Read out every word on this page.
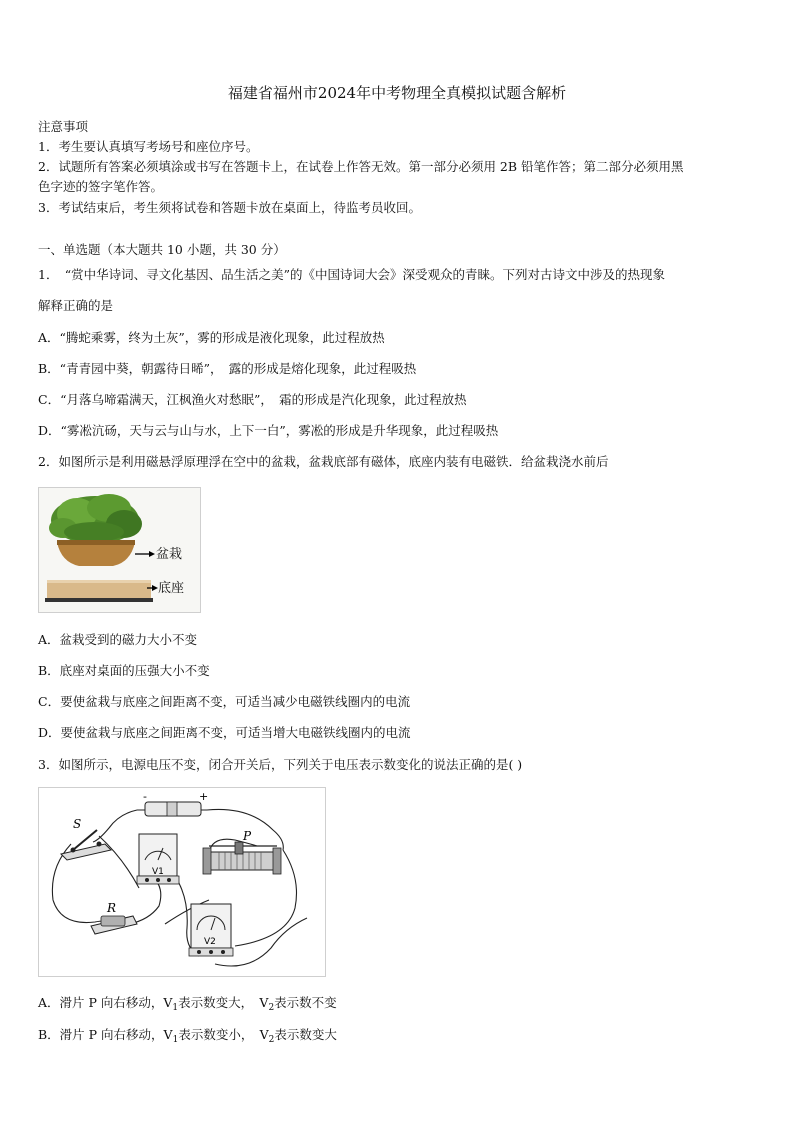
福建省福州市2024年中考物理全真模拟试题含解析
注意事项
1．考生要认真填写考场号和座位序号。
2．试题所有答案必须填涂或书写在答题卡上，在试卷上作答无效。第一部分必须用 2B 铅笔作答；第二部分必须用黑
色字迹的签字笔作答。
3．考试结束后，考生须将试卷和答题卡放在桌面上，待监考员收回。
一、单选题（本大题共 10 小题，共 30 分）
1．　“赏中华诗词、寻文化基因、品生活之美”的《中国诗词大会》深受观众的青睐。下列对古诗文中涉及的热现象
解释正确的是
A．“腾蛇乘雾，终为土灰”，雾的形成是液化现象，此过程放热
B．“青青园中葵，朝露待日晞”，　露的形成是熔化现象，此过程吸热
C．“月落乌啼霜满天，江枫渔火对愁眠”，　霜的形成是汽化现象，此过程放热
D．“雾凇沆砀，天与云与山与水，上下一白”，雾凇的形成是升华现象，此过程吸热
2．如图所示是利用磁悬浮原理浮在空中的盆栽，盆栽底部有磁体，底座内装有电磁铁．给盆栽浇水前后
盆栽
底座
A．盆栽受到的磁力大小不变
B．底座对桌面的压强大小不变
C．要使盆栽与底座之间距离不变，可适当减少电磁铁线圈内的电流
D．要使盆栽与底座之间距离不变，可适当增大电磁铁线圈内的电流
3．如图所示，电源电压不变，闭合开关后，下列关于电压表示数变化的说法正确的是( )
-	+
S
V1
P
R
V2
A．滑片 P 向右移动，$V_1$表示数变大，　$V_2$表示数不变
B．滑片 P 向右移动，$V_1$表示数变小，　$V_2$表示数变大
